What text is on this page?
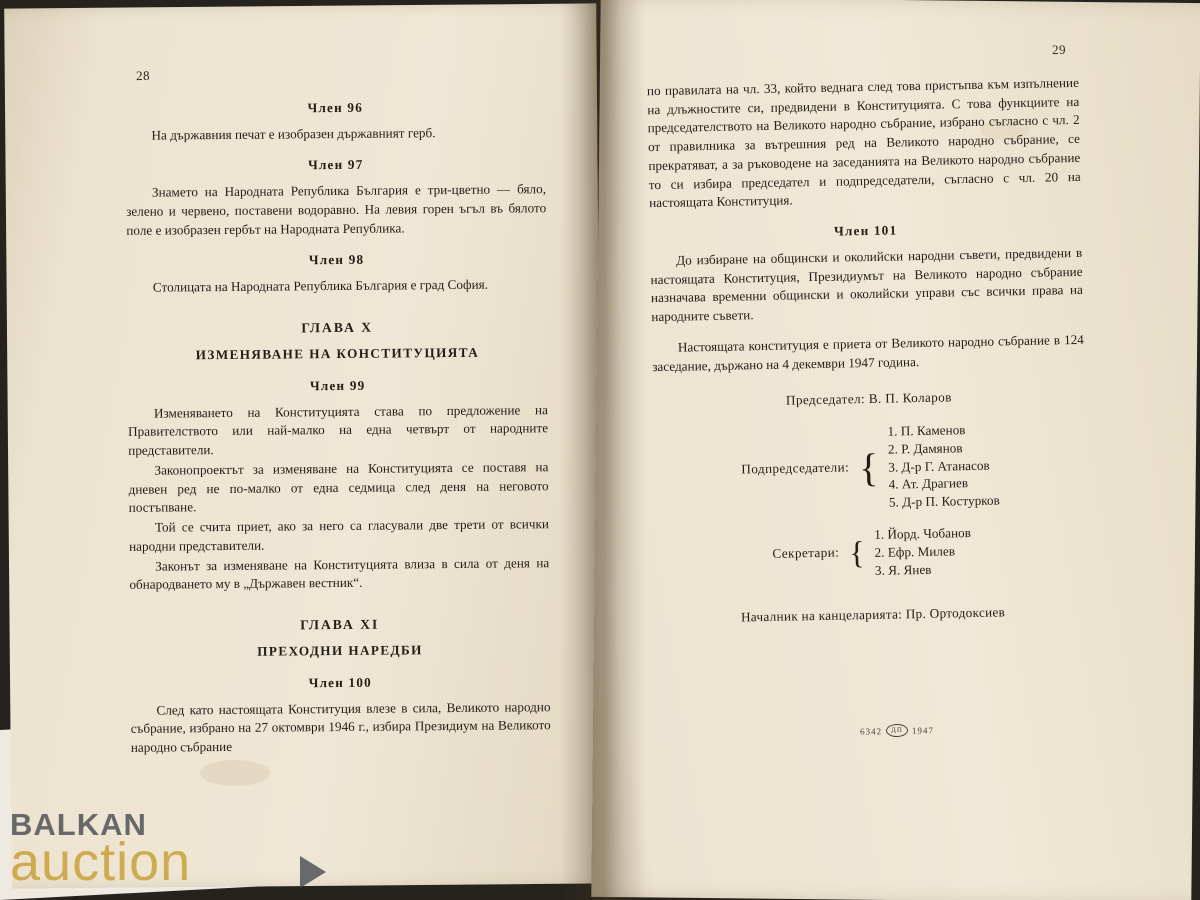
28
Член 96

На държавния печат е изобразен държавният герб.

Член 97

Знамето на Народната Република България е три-цветно — бяло, зелено и червено, поставени водоравно. На левия горен ъгъл въ бялото поле е изобразен гербът на Народната Република.

Член 98

Столицата на Народната Република България е град София.

ГЛАВА X
ИЗМЕНЯВАНЕ НА КОНСТИТУЦИЯТА
Член 99

Изменяването на Конституцията става по предложение на Правителството или най-малко на една четвърт от народните представители.

Законопроектът за изменяване на Конституцията се поставя на дневен ред не по-малко от една седмица след деня на неговото постъпване.

Той се счита приет, ако за него са гласували две трети от всички народни представители.

Законът за изменяване на Конституцията влиза в сила от деня на обнародването му в „Държавен вестник“.

ГЛАВА XI
ПРЕХОДНИ НАРЕДБИ
Член 100

След като настоящата Конституция влезе в сила, Великото народно събрание, избрано на 27 октомври 1946 г., избира Президиум на Великото народно събрание

29

по правилата на чл. 33, който веднага след това пристъпва към изпълнение на длъжностите си, предвидени в Конституцията. С това функциите на председателството на Великото народно събрание, избрано съгласно с чл. 2 от правилника за вътрешния ред на Великото народно събрание, се прекратяват, а за ръководене на заседанията на Великото народно събрание то си избира председател и подпредседатели, съгласно с чл. 20 на настоящата Конституция.

Член 101

До избиране на общински и околийски народни съвети, предвидени в настоящата Конституция, Президиумът на Великото народно събрание назначава временни общински и околийски управи със всички права на народните съвети.

Настоящата конституция е приета от Великото народно събрание в 124 заседание, държано на 4 декември 1947 година.

Председател: В. П. Коларов
Подпредседатели: {
1. П. Каменов
2. Р. Дамянов
3. Д-р Г. Атанасов
4. Ат. Драгиев
5. Д-р П. Костурков
Секретари: {
1. Йорд. Чобанов
2. Ефр. Милев
3. Я. Янев
Началник на канцеларията: Пр. Ортодоксиев
6342	ДП 1947
BALKAN
auction
